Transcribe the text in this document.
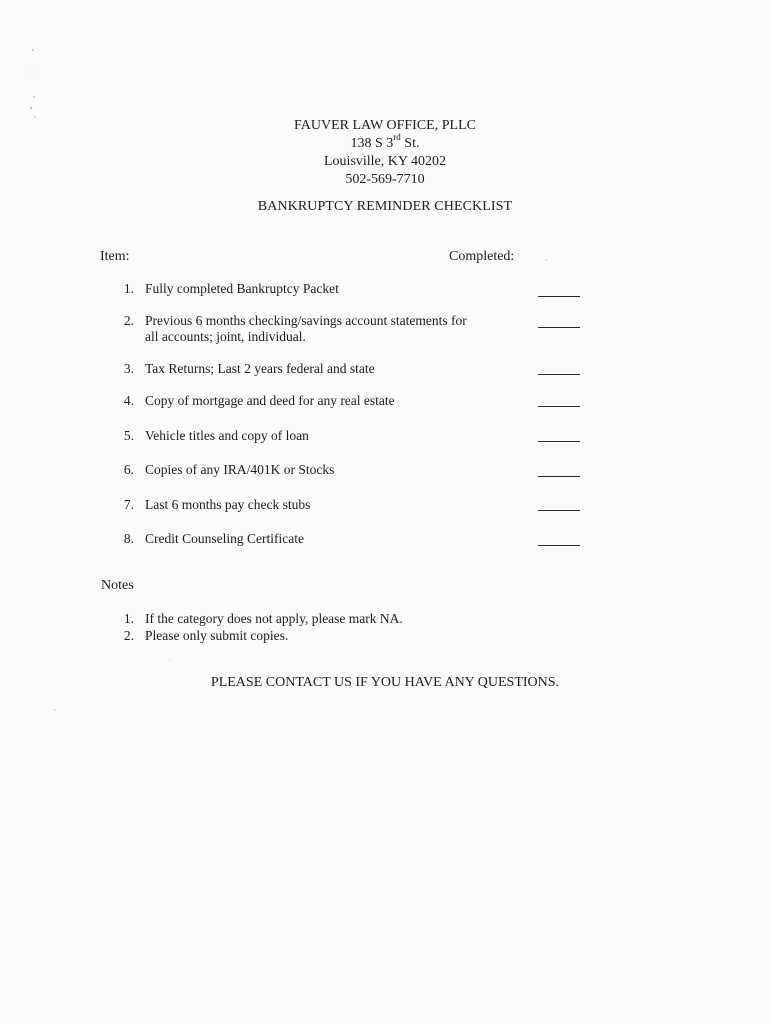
FAUVER LAW OFFICE, PLLC
138 S 3rd St.
Louisville, KY 40202
502-569-7710
BANKRUPTCY REMINDER CHECKLIST
Item:	Completed:
1. Fully completed Bankruptcy Packet
2. Previous 6 months checking/savings account statements for
all accounts; joint, individual.
3. Tax Returns; Last 2 years federal and state
4. Copy of mortgage and deed for any real estate
5. Vehicle titles and copy of loan
6. Copies of any IRA/401K or Stocks
7. Last 6 months pay check stubs
8. Credit Counseling Certificate
Notes
1. If the category does not apply, please mark NA.
2. Please only submit copies.
PLEASE CONTACT US IF YOU HAVE ANY QUESTIONS.
